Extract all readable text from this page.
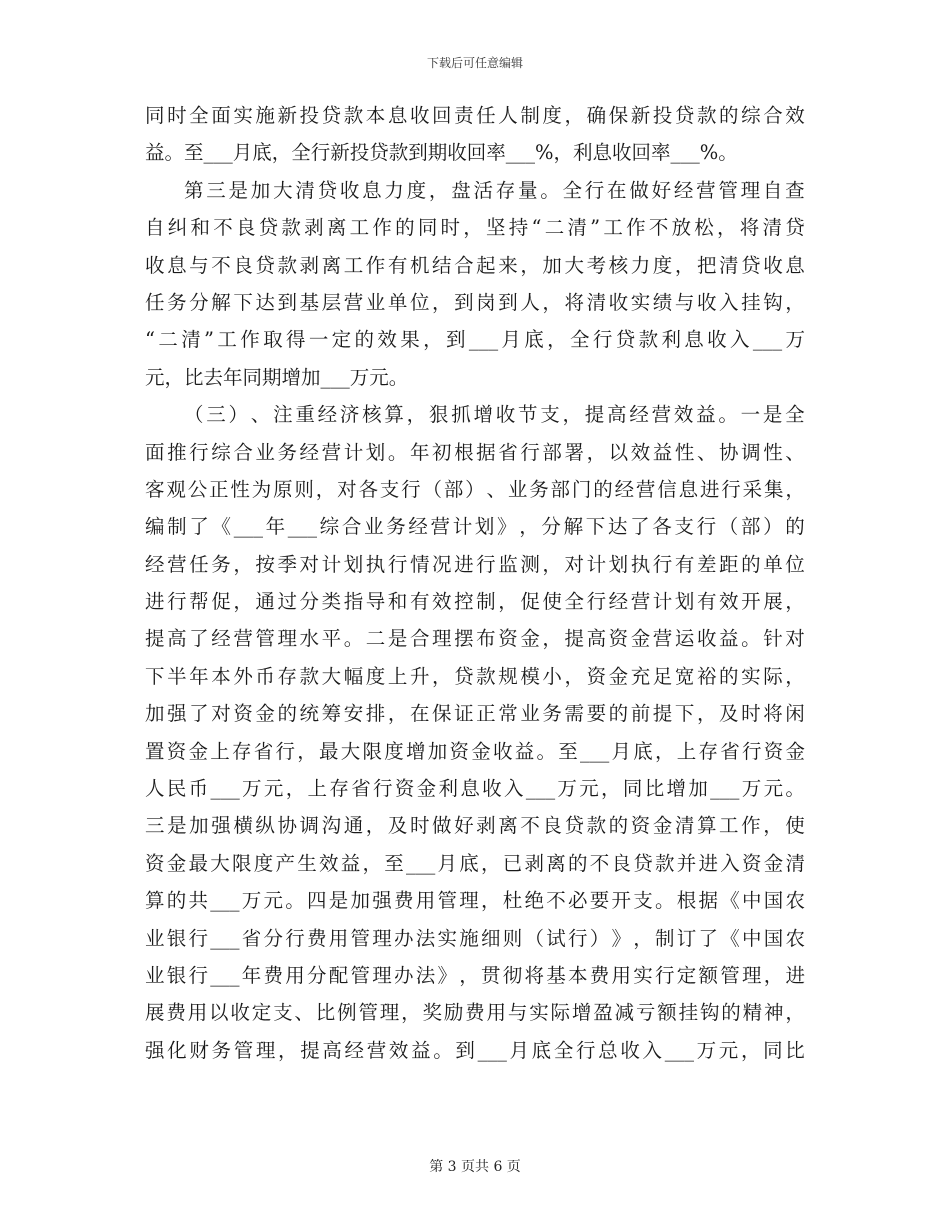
下载后可任意编辑
同 时 全 面 实 施 新 投 贷 款 本 息 收 回 责 任 人 制 度 ， 确 保 新 投 贷 款 的 综 合 效
益。至___月底，全行新投贷款到期收回率___%，利息收回率___%。
第 三 是 加 大 清 贷 收 息 力 度 ， 盘 活 存 量 。 全 行 在 做 好 经 营 管 理 自 查
自 纠 和 不 良 贷 款 剥 离 工 作 的 同 时 ， 坚 持 “ 二 清 ” 工 作 不 放 松 ， 将 清 贷
收 息 与 不 良 贷 款 剥 离 工 作 有 机 结 合 起 来 ， 加 大 考 核 力 度 ， 把 清 贷 收 息
任 务 分 解 下 达 到 基 层 营 业 单 位 ， 到 岗 到 人 ， 将 清 收 实 绩 与 收 入 挂 钩 ，
“ 二 清 ” 工 作 取 得 一 定 的 效 果 ， 到 ___ 月 底 ， 全 行 贷 款 利 息 收 入 ___ 万
元，比去年同期增加___万元。
（ 三 ） 、 注 重 经 济 核 算 ， 狠 抓 增 收 节 支 ， 提 高 经 营 效 益 。 一 是 全
面 推 行 综 合 业 务 经 营 计 划 。 年 初 根 据 省 行 部 署 ， 以 效 益 性 、 协 调 性 、
客 观 公 正 性 为 原 则 ， 对 各 支 行 （ 部 ） 、 业 务 部 门 的 经 营 信 息 进 行 采 集 ，
编 制 了 《 ___ 年 ___ 综 合 业 务 经 营 计 划 》 ， 分 解 下 达 了 各 支 行 （ 部 ） 的
经 营 任 务 ， 按 季 对 计 划 执 行 情 况 进 行 监 测 ， 对 计 划 执 行 有 差 距 的 单 位
进 行 帮 促 ， 通 过 分 类 指 导 和 有 效 控 制 ， 促 使 全 行 经 营 计 划 有 效 开 展 ，
提 高 了 经 营 管 理 水 平 。 二 是 合 理 摆 布 资 金 ， 提 高 资 金 营 运 收 益 。 针 对
下 半 年 本 外 币 存 款 大 幅 度 上 升 ， 贷 款 规 模 小 ， 资 金 充 足 宽 裕 的 实 际 ，
加 强 了 对 资 金 的 统 筹 安 排 ， 在 保 证 正 常 业 务 需 要 的 前 提 下 ， 及 时 将 闲
置 资 金 上 存 省 行 ， 最 大 限 度 增 加 资 金 收 益 。 至 ___ 月 底 ， 上 存 省 行 资 金
人 民 币 ___ 万 元 ， 上 存 省 行 资 金 利 息 收 入 ___ 万 元 ， 同 比 增 加 ___ 万 元 。
三 是 加 强 横 纵 协 调 沟 通 ， 及 时 做 好 剥 离 不 良 贷 款 的 资 金 清 算 工 作 ， 使
资 金 最 大 限 度 产 生 效 益 ， 至 ___ 月 底 ， 已 剥 离 的 不 良 贷 款 并 进 入 资 金 清
算 的 共 ___ 万 元 。 四 是 加 强 费 用 管 理 ， 杜 绝 不 必 要 开 支 。 根 据 《 中 国 农
业 银 行 ___ 省 分 行 费 用 管 理 办 法 实 施 细 则 （ 试 行 ） 》 ， 制 订 了 《 中 国 农
业 银 行 ___ 年 费 用 分 配 管 理 办 法 》 ， 贯 彻 将 基 本 费 用 实 行 定 额 管 理 ， 进
展 费 用 以 收 定 支 、 比 例 管 理 ， 奖 励 费 用 与 实 际 增 盈 减 亏 额 挂 钩 的 精 神 ，
强 化 财 务 管 理 ， 提 高 经 营 效 益 。 到 ___ 月 底 全 行 总 收 入 ___ 万 元 ， 同 比
第 3 页共 6 页
